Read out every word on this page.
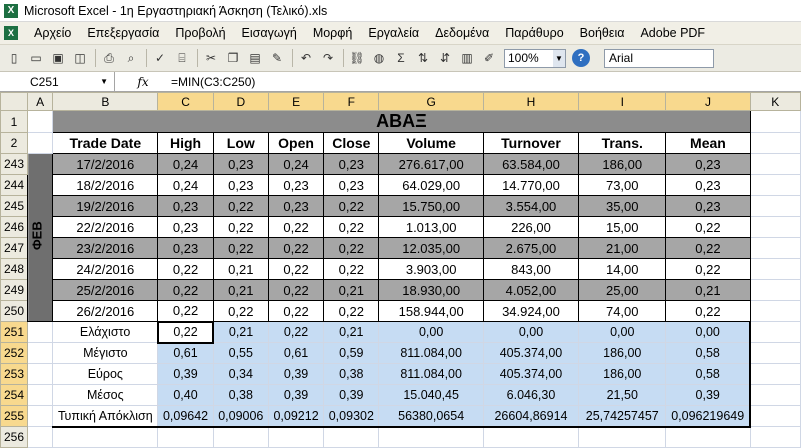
X Microsoft Excel - 1η Εργαστηριακή Άσκηση (Τελικό).xls
X	Αρχείο	Επεξεργασία	Προβολή	Εισαγωγή	Μορφή	Εργαλεία	Δεδομένα	Παράθυρο	Βοήθεια	Adobe PDF
▯	▭ ▣ ◫	⎙	⌕	✓	⌸	✂ ❐ ▤ ✎	↶ ↷	⛓ ◍	Σ	⇅ ⇵ ▥ ✐	100% ▼	?	Arial
C251	▼	fx	=MIN(C3:C250)
	A	B	C	D	E	F	G	H	I	J	K
1		ΑΒΑΞ									
2		Trade Date	High	Low	Open	Close	Volume	Turnover	Trans.	Mean	
243	ΦΕΒ	17/2/2016	0,24	0,23	0,24	0,23	276.617,00	63.584,00	186,00	0,23	
244		18/2/2016	0,24	0,23	0,23	0,23	64.029,00	14.770,00	73,00	0,23	
245		19/2/2016	0,23	0,22	0,23	0,22	15.750,00	3.554,00	35,00	0,23	
246		22/2/2016	0,23	0,22	0,22	0,22	1.013,00	226,00	15,00	0,22	
247		23/2/2016	0,23	0,22	0,22	0,22	12.035,00	2.675,00	21,00	0,22	
248		24/2/2016	0,22	0,21	0,22	0,22	3.903,00	843,00	14,00	0,22	
249		25/2/2016	0,22	0,21	0,22	0,21	18.930,00	4.052,00	25,00	0,21	
250		26/2/2016	0,22	0,22	0,22	0,22	158.944,00	34.924,00	74,00	0,22	
251		Ελάχιστο	0,22	0,21	0,22	0,21	0,00	0,00	0,00	0,00	
252		Μέγιστο	0,61	0,55	0,61	0,59	811.084,00	405.374,00	186,00	0,58	
253		Εύρος	0,39	0,34	0,39	0,38	811.084,00	405.374,00	186,00	0,58	
254		Μέσος	0,40	0,38	0,39	0,39	15.040,45	6.046,30	21,50	0,39	
255		Τυπική Απόκλιση	0,09642	0,09006	0,09212	0,09302	56380,0654	26604,86914	25,74257457	0,096219649	
256											
